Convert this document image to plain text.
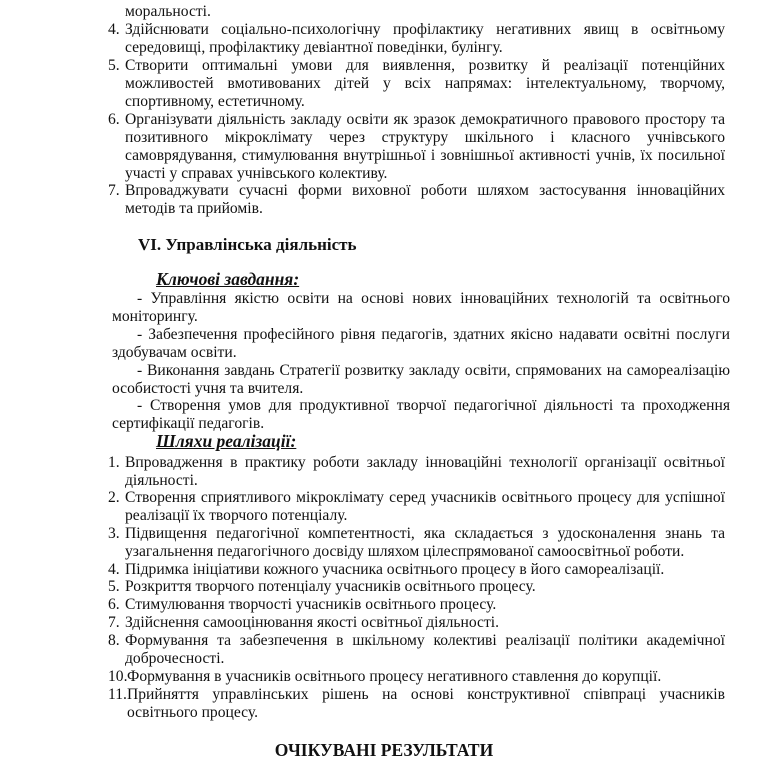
моральності.
4. Здійснювати соціально-психологічну профілактику негативних явищ в освітньому середовищі, профілактику девіантної поведінки, булінгу.
5. Створити оптимальні умови для виявлення, розвитку й реалізації потенційних можливостей вмотивованих дітей у всіх напрямах: інтелектуальному, творчому, спортивному, естетичному.
6. Організувати діяльність закладу освіти як зразок демократичного правового простору та позитивного мікроклімату через структуру шкільного і класного учнівського самоврядування, стимулювання внутрішньої і зовнішньої активності учнів, їх посильної участі у справах учнівського колективу.
7. Впроваджувати сучасні форми виховної роботи шляхом застосування інноваційних методів та прийомів.
VI. Управлінська діяльність
Ключові завдання:
- Управління якістю освіти на основі нових інноваційних технологій та освітнього моніторингу.
- Забезпечення професійного рівня педагогів, здатних якісно надавати освітні послуги здобувачам освіти.
- Виконання завдань Стратегії розвитку закладу освіти, спрямованих на самореалізацію особистості учня та вчителя.
- Створення умов для продуктивної творчої педагогічної діяльності та проходження сертифікації педагогів.
Шляхи реалізації:
1. Впровадження в практику роботи закладу інноваційні технології організації освітньої діяльності.
2. Створення сприятливого мікроклімату серед учасників освітнього процесу для успішної реалізації їх творчого потенціалу.
3. Підвищення педагогічної компетентності, яка складається з удосконалення знань та узагальнення педагогічного досвіду шляхом цілеспрямованої самоосвітньої роботи.
4. Підримка ініціативи кожного учасника освітнього процесу в його самореалізації.
5. Розкриття творчого потенціалу учасників освітнього процесу.
6. Стимулювання творчості учасників освітнього процесу.
7. Здійснення самооцінювання якості освітньої діяльності.
8. Формування та забезпечення в шкільному колективі реалізації політики академічної доброчесності.
10. Формування в учасників освітнього процесу негативного ставлення до корупції.
11. Прийняття управлінських рішень на основі конструктивної співпраці учасників освітнього процесу.
ОЧІКУВАНІ РЕЗУЛЬТАТИ
